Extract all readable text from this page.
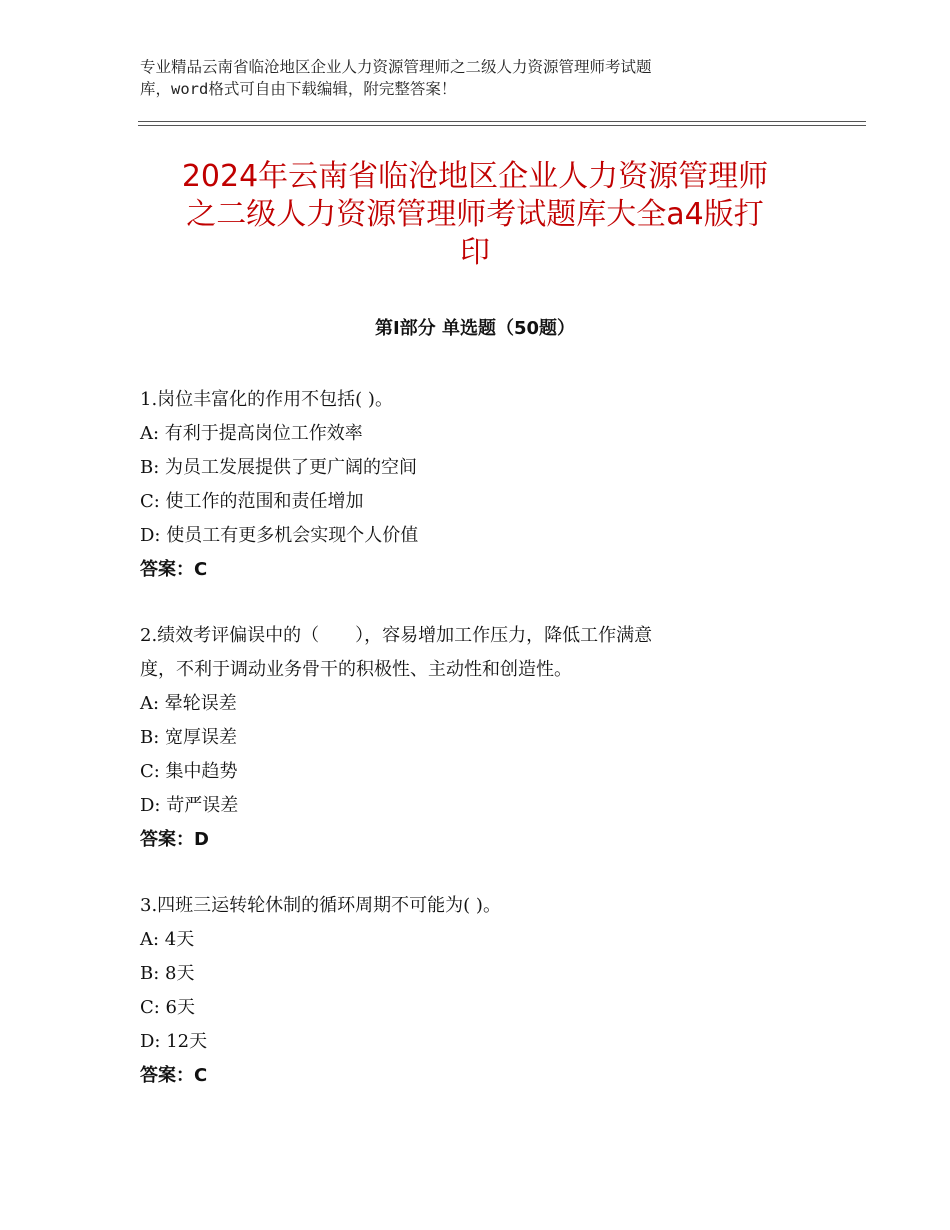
专业精品云南省临沧地区企业人力资源管理师之二级人力资源管理师考试题
库，word格式可自由下载编辑，附完整答案！
2024年云南省临沧地区企业人力资源管理师
之二级人力资源管理师考试题库大全a4版打
印
第Ⅰ部分 单选题（50题）
1.岗位丰富化的作用不包括( )。
A: 有利于提高岗位工作效率
B: 为员工发展提供了更广阔的空间
C: 使工作的范围和责任增加
D: 使员工有更多机会实现个人价值
答案：C
2.绩效考评偏误中的（　　），容易增加工作压力，降低工作满意
度，不利于调动业务骨干的积极性、主动性和创造性。
A: 晕轮误差
B: 宽厚误差
C: 集中趋势
D: 苛严误差
答案：D
3.四班三运转轮休制的循环周期不可能为( )。
A: 4天
B: 8天
C: 6天
D: 12天
答案：C
